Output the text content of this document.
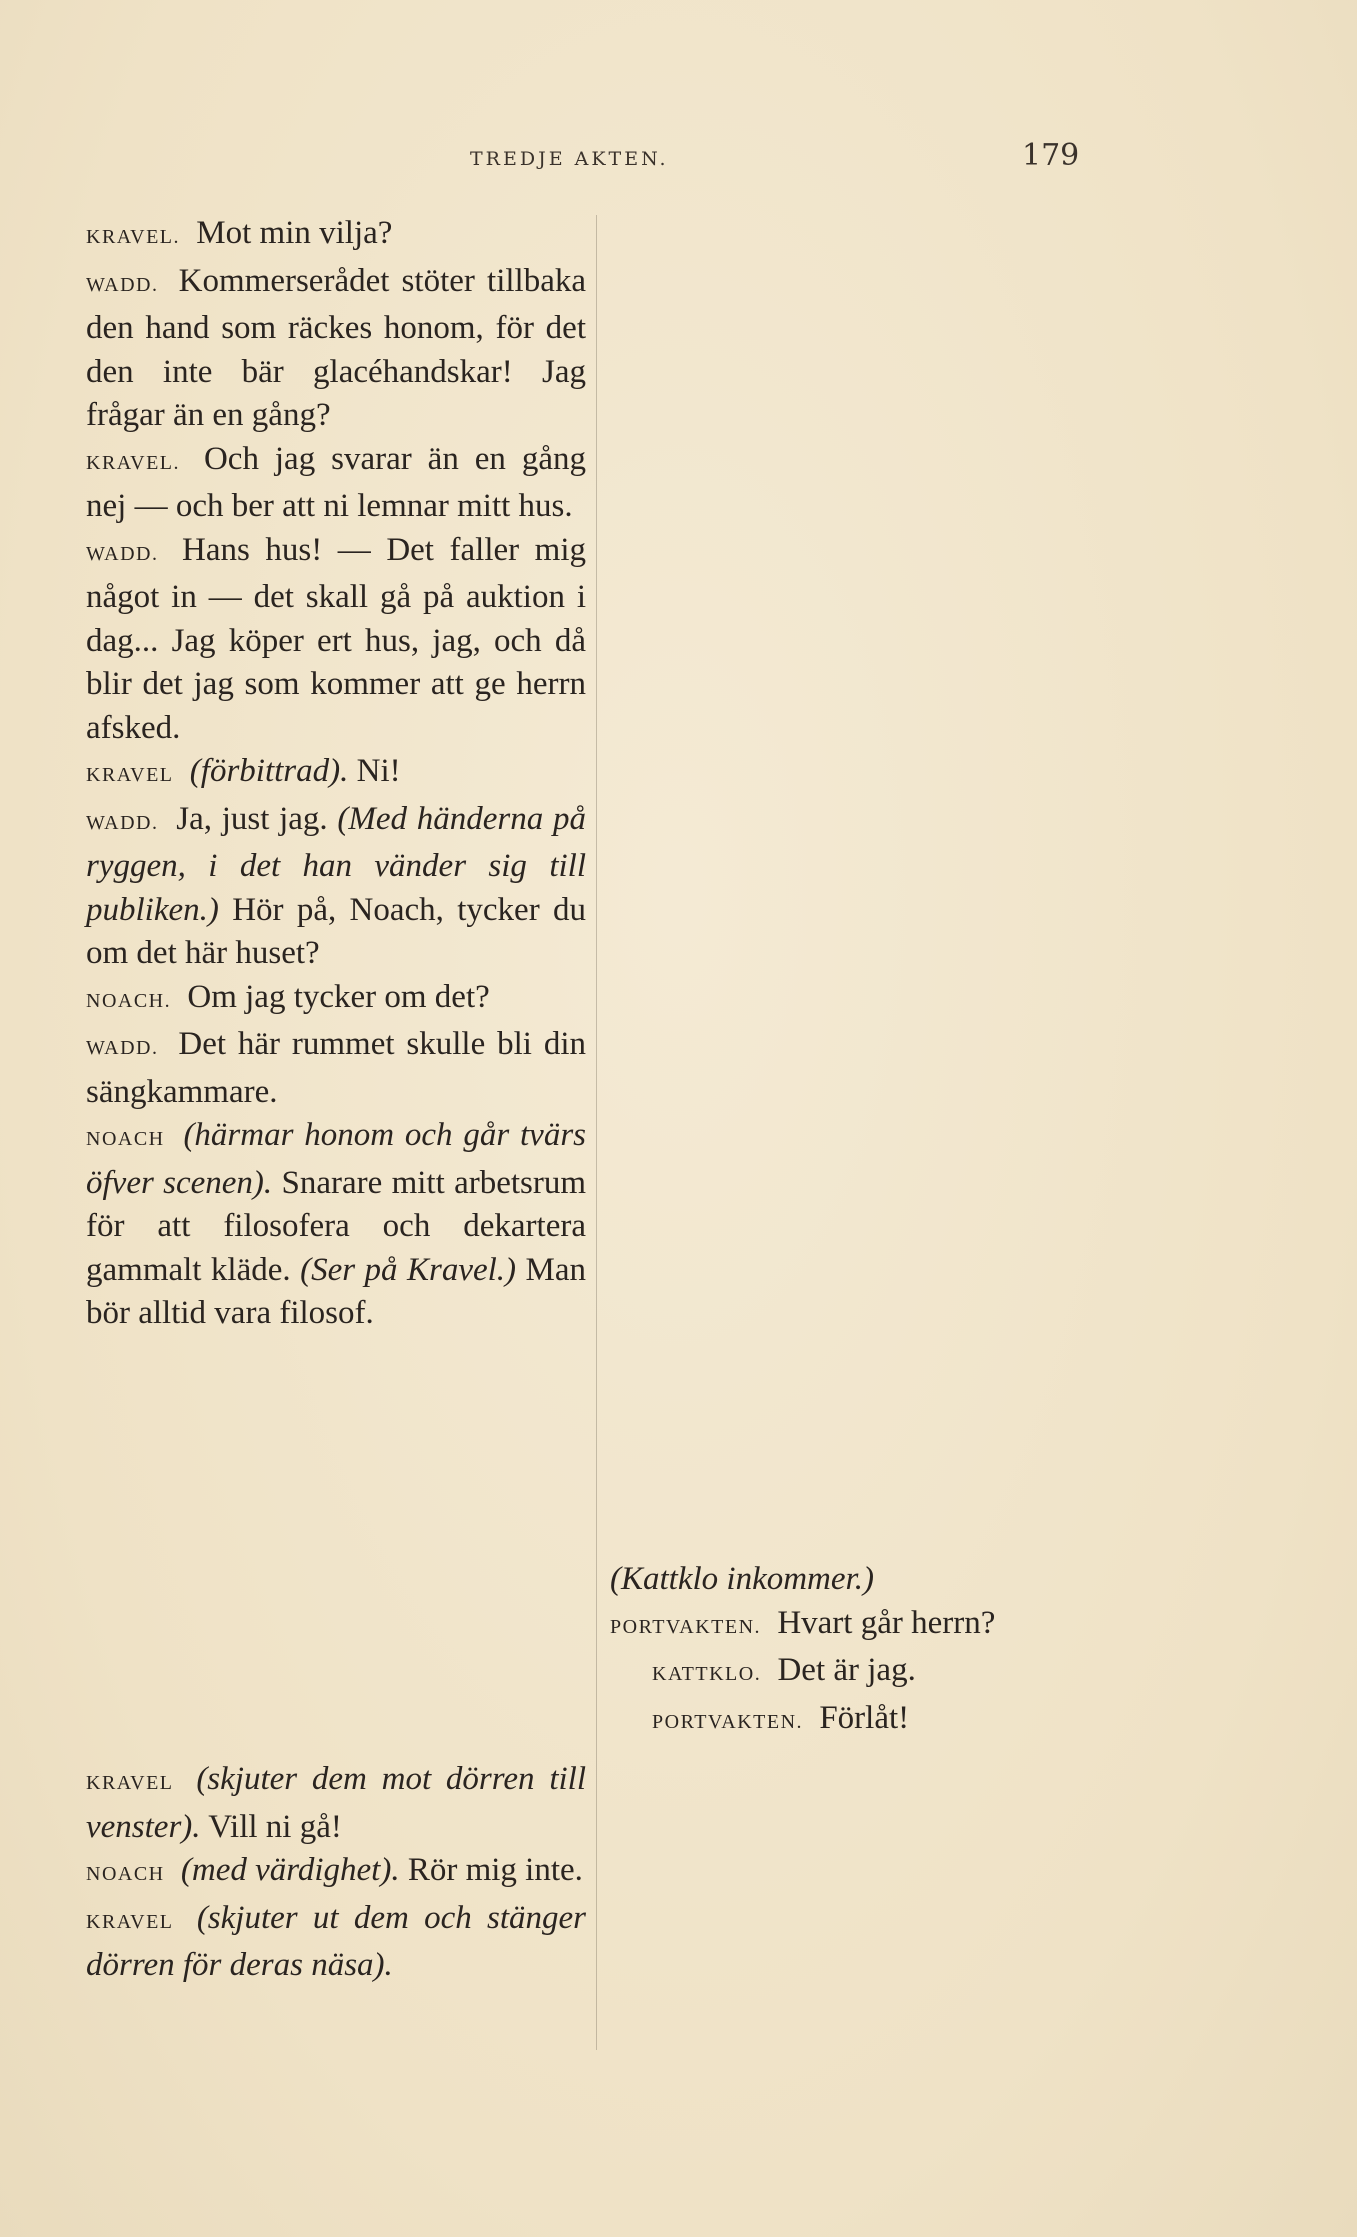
TREDJE AKTEN.	179

KRAVEL. Mot min vilja?

WADD. Kommerserådet stöter tillbaka den hand som räckes honom, för det den inte bär glacéhandskar! Jag frågar än en gång?

KRAVEL. Och jag svarar än en gång nej — och ber att ni lemnar mitt hus.

WADD. Hans hus! — Det faller mig något in — det skall gå på auktion i dag... Jag köper ert hus, jag, och då blir det jag som kommer att ge herrn afsked.

KRAVEL (förbittrad). Ni!

WADD. Ja, just jag. (Med händerna på ryggen, i det han vänder sig till publiken.) Hör på, Noach, tycker du om det här huset?

NOACH. Om jag tycker om det?

WADD. Det här rummet skulle bli din sängkammare.

NOACH (härmar honom och går tvärs öfver scenen). Snarare mitt arbetsrum för att filosofera och dekartera gammalt kläde. (Ser på Kravel.) Man bör alltid vara filosof.

(Kattklo inkommer.)

PORTVAKTEN. Hvart går herrn?

KATTKLO. Det är jag.

PORTVAKTEN. Förlåt!

KRAVEL (skjuter dem mot dörren till venster). Vill ni gå!

NOACH (med värdighet). Rör mig inte.

KRAVEL (skjuter ut dem och stänger dörren för deras näsa).
